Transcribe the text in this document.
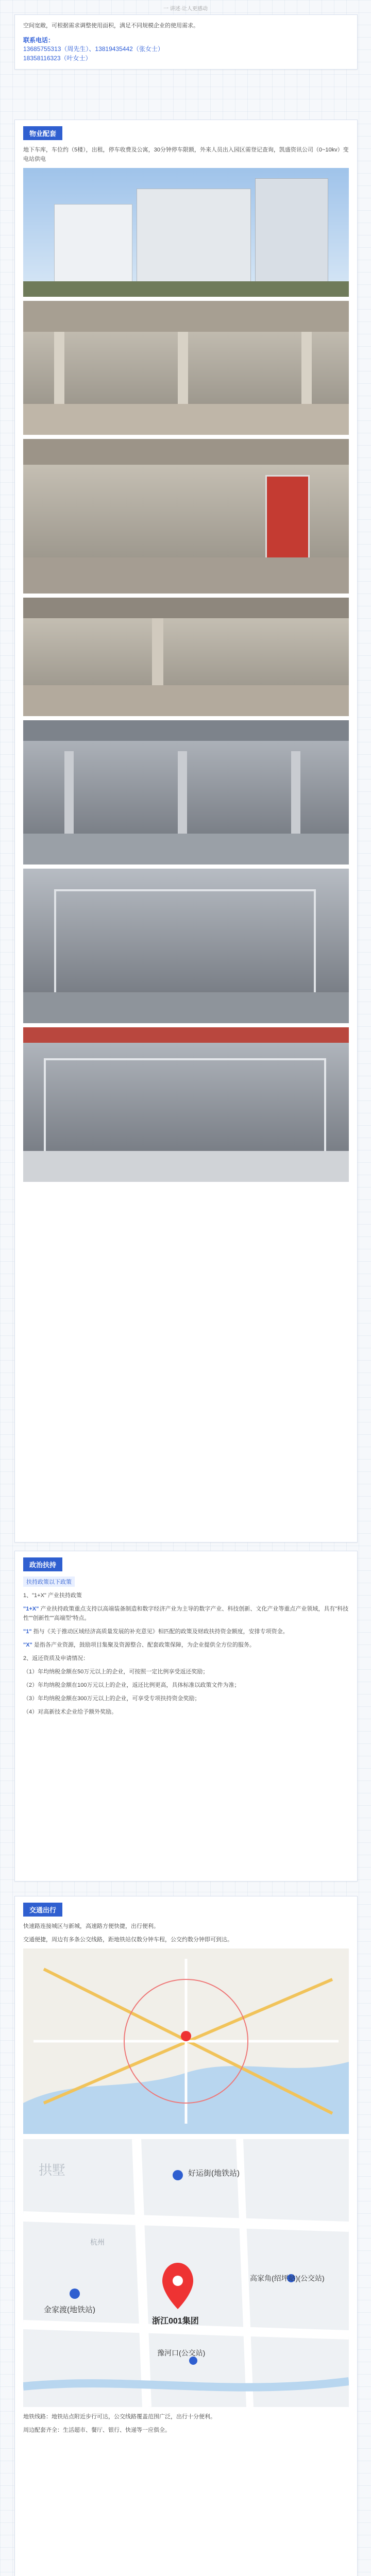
一 讲述·让人更感动

空间宽敞，可根据需求调整使用面积，满足不同规模企业的使用需求。

联系电话：
13685755313（周先生）、13819435442（张女士）
18358116323（叶女士）
物业配套

地下车库，车位约（5楼），出租，停车收费及公寓，30分钟停车限额，外来人员出入园区需登记查询，凯盛资讯公司（0~10kv）变电站供电

政治扶持
扶持政策以下政策

1、"1+X" 产业扶持政策

"1+X" 产业扶持政策重点支持以高端装备制造和数字经济产业为主导的数字产业、科技创新、文化产业等重点产业领域，具有"科技性""创新性""高端型"特点。

"1" 指与《关于推动区域经济高质量发展的补充意见》相匹配的政策及财政扶持资金额度，安排专项资金。

"X" 是指各产业资源，鼓励项目集聚及资源整合、配套政策保障，为企业提供全方位的服务。

2、返还资质及申请情况：

（1）年均纳税金额在50万元以上的企业，可按照一定比例享受返还奖励；

（2）年均纳税金额在100万元以上的企业，返还比例更高，具体标准以政策文件为准；

（3）年均纳税金额在300万元以上的企业，可享受专项扶持资金奖励；

（4）对高新技术企业给予额外奖励。

交通出行

快速路连接城区与新城，高速路方便快捷，出行便利。

交通便捷，周边有多条公交线路，距地铁站仅数分钟车程，公交约数分钟即可到达。

好运街(地铁站)
金家渡(地铁站)
浙江001集团
高家角(绍坪站)(公交站)
豫河口(公交站)
拱墅
杭州

地铁线路：地铁站点附近步行可达，公交线路覆盖范围广泛，出行十分便利。

周边配套齐全：生活超市、餐厅、银行、快递等一应俱全。
